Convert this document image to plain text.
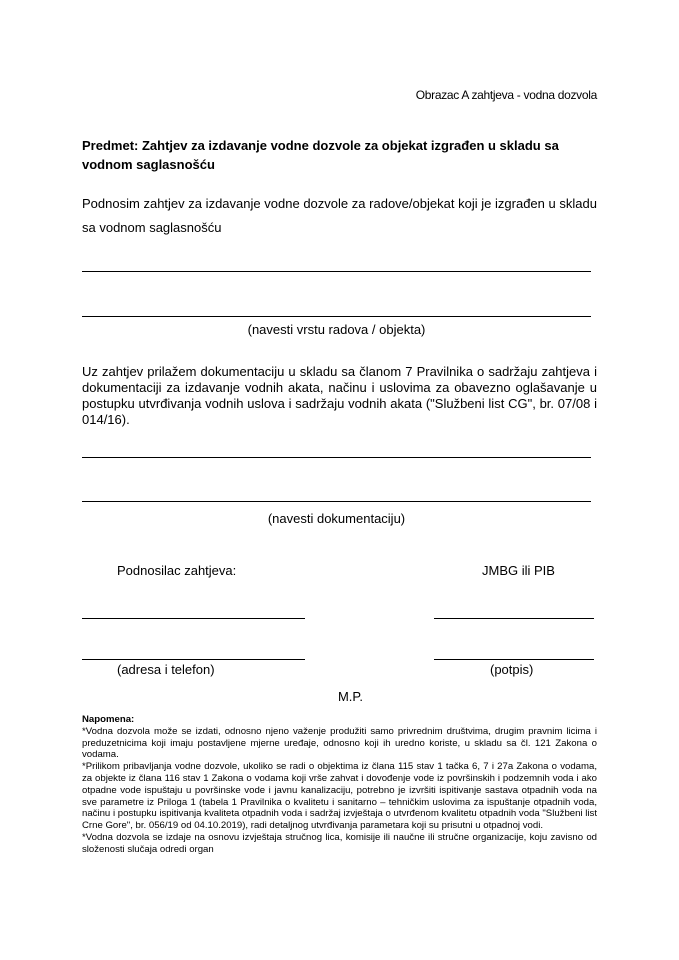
Obrazac A zahtjeva - vodna dozvola
Predmet: Zahtjev za izdavanje vodne dozvole za objekat izgrađen u skladu sa vodnom saglasnošću
Podnosim zahtjev za izdavanje vodne dozvole za radove/objekat koji je izgrađen u skladu sa vodnom saglasnošću
(navesti vrstu radova / objekta)
Uz zahtjev prilažem dokumentaciju u skladu sa članom 7 Pravilnika o sadržaju zahtjeva i dokumentaciji za izdavanje vodnih akata, načinu i uslovima za obavezno oglašavanje u postupku utvrđivanja vodnih uslova i sadržaju vodnih akata ("Službeni list CG", br. 07/08 i 014/16).
(navesti dokumentaciju)
Podnosilac zahtjeva:	JMBG ili PIB
(adresa i telefon)	(potpis)
M.P.
Napomena:

*Vodna dozvola može se izdati, odnosno njeno važenje produžiti samo privrednim društvima, drugim pravnim licima i preduzetnicima koji imaju postavljene mjerne uređaje, odnosno koji ih uredno koriste, u skladu sa čl. 121 Zakona o vodama.

*Prilikom pribavljanja vodne dozvole, ukoliko se radi o objektima iz člana 115 stav 1 tačka 6, 7 i 27a Zakona o vodama, za objekte iz člana 116 stav 1 Zakona o vodama koji vrše zahvat i dovođenje vode iz površinskih i podzemnih voda i ako otpadne vode ispuštaju u površinske vode i javnu kanalizaciju, potrebno je izvršiti ispitivanje sastava otpadnih voda na sve parametre iz Priloga 1 (tabela 1 Pravilnika o kvalitetu i sanitarno – tehničkim uslovima za ispuštanje otpadnih voda, načinu i postupku ispitivanja kvaliteta otpadnih voda i sadržaj izvještaja o utvrđenom kvalitetu otpadnih voda "Službeni list Crne Gore", br. 056/19 od 04.10.2019), radi detaljnog utvrđivanja parametara koji su prisutni u otpadnoj vodi.

*Vodna dozvola se izdaje na osnovu izvještaja stručnog lica, komisije ili naučne ili stručne organizacije, koju zavisno od složenosti slučaja odredi organ
